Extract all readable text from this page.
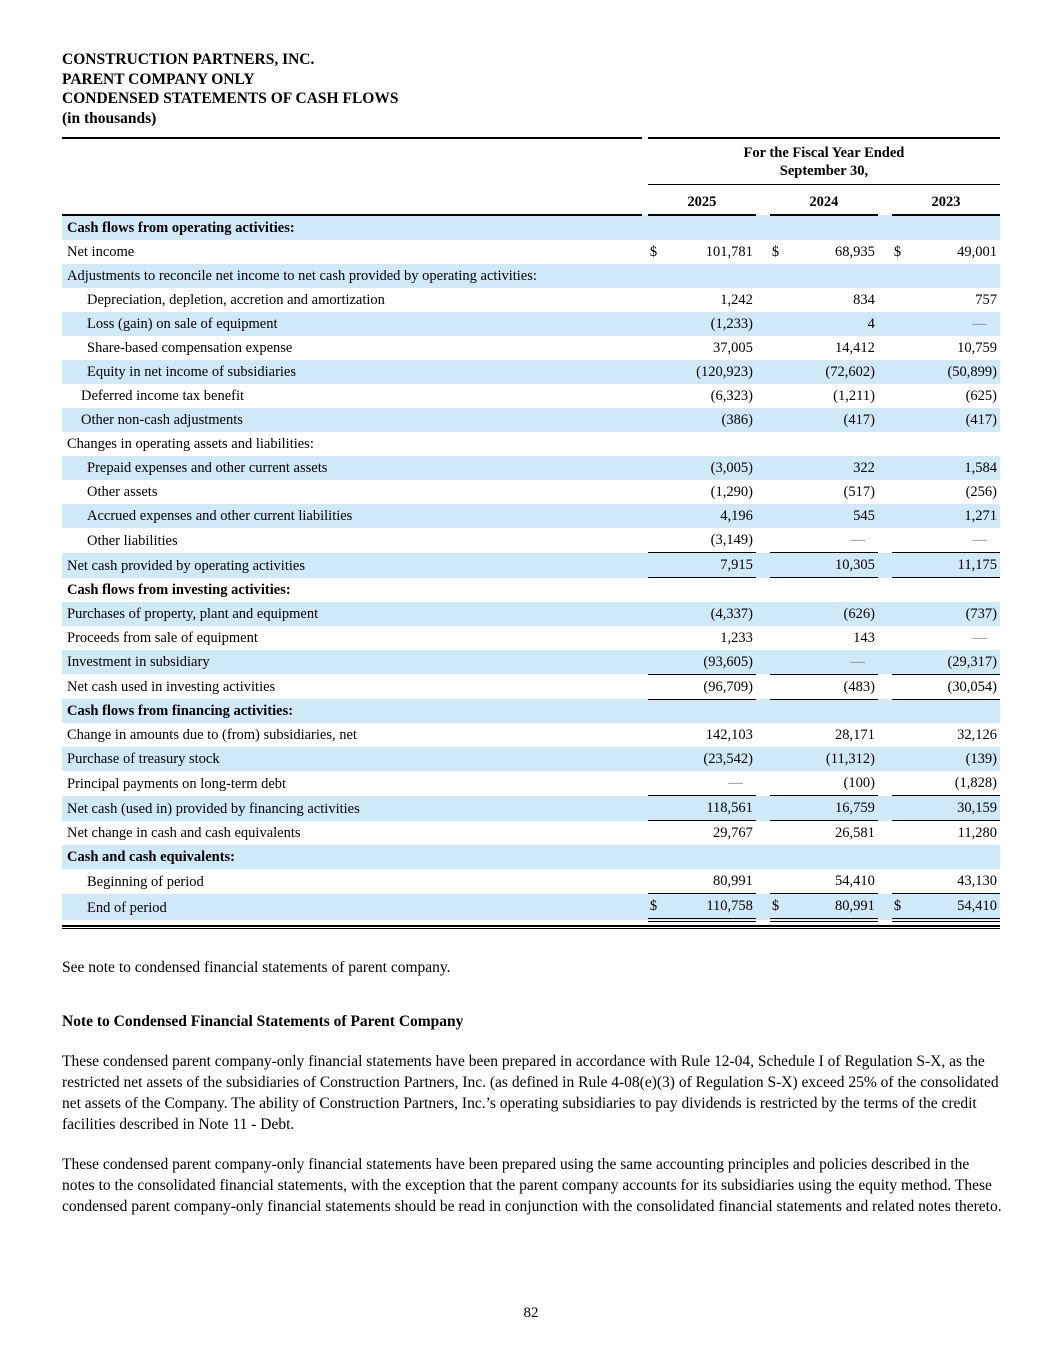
CONSTRUCTION PARTNERS, INC.
PARENT COMPANY ONLY
CONDENSED STATEMENTS OF CASH FLOWS
(in thousands)

		For the Fiscal Year Ended
September 30,							

		2025			2024			2023	
Cash flows from operating activities:									
Net income		$	101,781		$	68,935		$	49,001
Adjustments to reconcile net income to net cash provided by operating activities:									
Depreciation, depletion, accretion and amortization			1,242			834			757
Loss (gain) on sale of equipment			(1,233)			4			—
Share-based compensation expense			37,005			14,412			10,759
Equity in net income of subsidiaries			(120,923)			(72,602)			(50,899)
Deferred income tax benefit			(6,323)			(1,211)			(625)
Other non-cash adjustments			(386)			(417)			(417)
Changes in operating assets and liabilities:									
Prepaid expenses and other current assets			(3,005)			322			1,584
Other assets			(1,290)			(517)			(256)
Accrued expenses and other current liabilities			4,196			545			1,271
Other liabilities			(3,149)			—			—
Net cash provided by operating activities			7,915			10,305			11,175
Cash flows from investing activities:									
Purchases of property, plant and equipment			(4,337)			(626)			(737)
Proceeds from sale of equipment			1,233			143			—
Investment in subsidiary			(93,605)			—			(29,317)
Net cash used in investing activities			(96,709)			(483)			(30,054)
Cash flows from financing activities:									
Change in amounts due to (from) subsidiaries, net			142,103			28,171			32,126
Purchase of treasury stock			(23,542)			(11,312)			(139)
Principal payments on long-term debt			—			(100)			(1,828)
Net cash (used in) provided by financing activities			118,561			16,759			30,159
Net change in cash and cash equivalents			29,767			26,581			11,280
Cash and cash equivalents:									
Beginning of period			80,991			54,410			43,130
End of period		$	110,758		$	80,991		$	54,410
See note to condensed financial statements of parent company.
Note to Condensed Financial Statements of Parent Company
These condensed parent company-only financial statements have been prepared in accordance with Rule 12-04, Schedule I of Regulation S-X, as the restricted net assets of the subsidiaries of Construction Partners, Inc. (as defined in Rule 4-08(e)(3) of Regulation S-X) exceed 25% of the consolidated net assets of the Company. The ability of Construction Partners, Inc.’s operating subsidiaries to pay dividends is restricted by the terms of the credit facilities described in Note 11 - Debt.
These condensed parent company-only financial statements have been prepared using the same accounting principles and policies described in the notes to the consolidated financial statements, with the exception that the parent company accounts for its subsidiaries using the equity method. These condensed parent company-only financial statements should be read in conjunction with the consolidated financial statements and related notes thereto.
82
